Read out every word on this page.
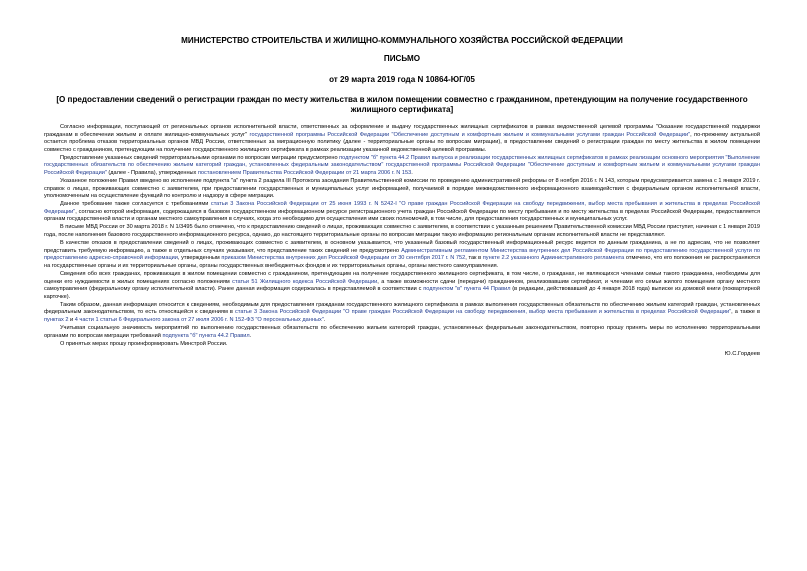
МИНИСТЕРСТВО СТРОИТЕЛЬСТВА И ЖИЛИЩНО-КОММУНАЛЬНОГО ХОЗЯЙСТВА РОССИЙСКОЙ ФЕДЕРАЦИИ

ПИСЬМО

от 29 марта 2019 года N 10864-ЮГ/05

[О предоставлении сведений о регистрации граждан по месту жительства в жилом помещении совместно с гражданином, претендующим на получение государственного жилищного сертификата]

Согласно информации, поступающей от региональных органов исполнительной власти, ответственных за оформление и выдачу государственных жилищных сертификатов в рамках ведомственной целевой программы "Оказание государственной поддержки гражданам в обеспечении жильем и оплате жилищно-коммунальных услуг" государственной программы Российской Федерации "Обеспечение доступным и комфортным жильем и коммунальными услугами граждан Российской Федерации", по-прежнему актуальной остается проблема отказов территориальных органов МВД России, ответственных за миграционную политику (далее - территориальные органы по вопросам миграции), в предоставлении сведений о регистрации граждан по месту жительства в жилом помещении совместно с гражданином, претендующим на получение государственного жилищного сертификата в рамках реализации указанной ведомственной целевой программы.

Предоставление указанных сведений территориальными органами по вопросам миграции предусмотрено подпунктом "б" пункта 44.2 Правил выпуска и реализации государственных жилищных сертификатов в рамках реализации основного мероприятия "Выполнение государственных обязательств по обеспечению жильем категорий граждан, установленных федеральным законодательством" государственной программы Российской Федерации "Обеспечение доступным и комфортным жильем и коммунальными услугами граждан Российской Федерации" (далее - Правила), утвержденных постановлением Правительства Российской Федерации от 21 марта 2006 г. N 153.

Указанное положение Правил введено во исполнение подпункта "а" пункта 2 раздела III Протокола заседания Правительственной комиссии по проведению административной реформы от 8 ноября 2016 г. N 143, которым предусматривается замена с 1 января 2019 г. справок о лицах, проживающих совместно с заявителем, при предоставлении государственных и муниципальных услуг информацией, получаемой в порядке межведомственного информационного взаимодействия с федеральным органом исполнительной власти, уполномоченным на осуществление функций по контролю и надзору в сфере миграции.

Данное требование также согласуется с требованиями статьи 3 Закона Российской Федерации от 25 июня 1993 г. N 5242-I "О праве граждан Российской Федерации на свободу передвижения, выбор места пребывания и жительства в пределах Российской Федерации", согласно которой информация, содержащаяся в базовом государственном информационном ресурсе регистрационного учета граждан Российской Федерации по месту пребывания и по месту жительства в пределах Российской Федерации, предоставляется органам государственной власти и органам местного самоуправления в случаях, когда это необходимо для осуществления ими своих полномочий, в том числе, для предоставления государственных и муниципальных услуг.

В письме МВД России от 30 марта 2018 г. N 1/3495 было отмечено, что к предоставлению сведений о лицах, проживающих совместно с заявителем, в соответствии с указанным решением Правительственной комиссии МВД России приступит, начиная с 1 января 2019 года, после наполнения базового государственного информационного ресурса, однако, до настоящего территориальные органы по вопросам миграции такую информацию региональным органам исполнительной власти не представляют.

В качестве отказов в предоставлении сведений о лицах, проживающих совместно с заявителем, в основном указывается, что указанный базовый государственный информационный ресурс ведется по данным гражданина, а не по адресам, что не позволяет представить требуемую информацию, а также в отдельных случаях указывают, что представление таких сведений не предусмотрено Административным регламентом Министерства внутренних дел Российской Федерации по предоставлению государственной услуги по предоставлению адресно-справочной информации, утвержденным приказом Министерства внутренних дел Российской Федерации от 30 сентября 2017 г. N 752, так в пункте 2.2 указанного Административного регламента отмечено, что его положения не распространяются на государственные органы и их территориальные органы, органы государственных внебюджетных фондов и их территориальных органы, органы местного самоуправления.

Сведения обо всех гражданах, проживающих в жилом помещении совместно с гражданином, претендующим на получение государственного жилищного сертификата, в том числе, о гражданах, не являющихся членами семьи такого гражданина, необходимы для оценки его нуждаемости в жилых помещениях согласно положениям статьи 51 Жилищного кодекса Российской Федерации, а также возможности сдачи (передачи) гражданином, реализовавшим сертификат, и членами его семьи жилого помещения органу местного самоуправления (федеральному органу исполнительной власти). Ранее данная информация содержалась в представляемой в соответствии с подпунктом "в" пункта 44 Правил (в редакции, действовавшей до 4 января 2018 года) выписке из домовой книги (поквартирной карточке).

Таким образом, данная информация относится к сведениям, необходимым для предоставления гражданам государственного жилищного сертификата в рамках выполнения государственных обязательств по обеспечению жильем категорий граждан, установленных федеральным законодательством, то есть относящейся к сведениям в статье 3 Закона Российской Федерации "О праве граждан Российской Федерации на свободу передвижения, выбор места пребывания и жительства в пределах Российской Федерации", а также в пунктах 2 и 4 части 1 статьи 6 Федерального закона от 27 июля 2006 г. N 152-ФЗ "О персональных данных".

Учитывая социальную значимость мероприятий по выполнению государственных обязательств по обеспечению жильем категорий граждан, установленных федеральным законодательством, повторно прошу принять меры по исполнению территориальными органами по вопросам миграции требований подпункта "б" пункта 44.2 Правил.

О принятых мерах прошу проинформировать Минстрой России.

Ю.С.Гордеев
